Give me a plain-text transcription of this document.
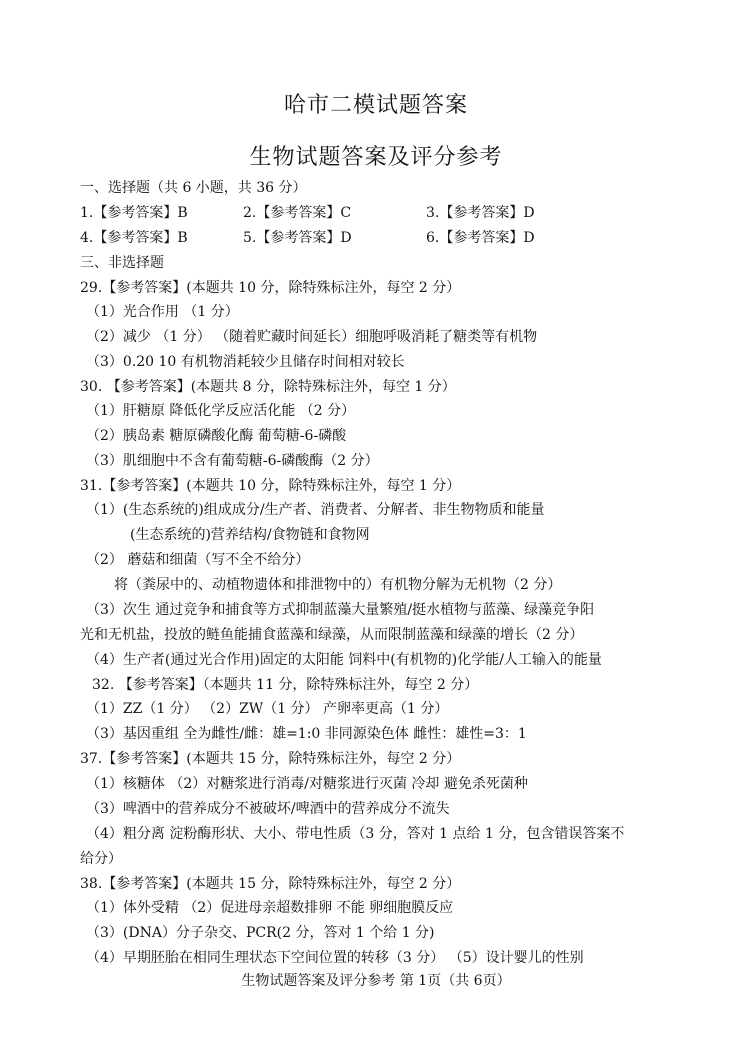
哈市二模试题答案
生物试题答案及评分参考
一、选择题（共 6 小题，共 36 分）
1.【参考答案】B	2.【参考答案】C	3.【参考答案】D
4.【参考答案】B	5.【参考答案】D	6.【参考答案】D
三、非选择题
29.【参考答案】(本题共 10 分，除特殊标注外，每空 2 分）
（1）光合作用 （1 分）
（2）减少 （1 分） （随着贮藏时间延长）细胞呼吸消耗了糖类等有机物
（3）0.20 10 有机物消耗较少且储存时间相对较长
30. 【参考答案】(本题共 8 分，除特殊标注外，每空 1 分）
（1）肝糖原 降低化学反应活化能 （2 分）
（2）胰岛素 糖原磷酸化酶 葡萄糖-6-磷酸
（3）肌细胞中不含有葡萄糖-6-磷酸酶（2 分）
31.【参考答案】(本题共 10 分，除特殊标注外，每空 1 分）
（1）(生态系统的)组成成分/生产者、消费者、分解者、非生物物质和能量
(生态系统的)营养结构/食物链和食物网
（2） 蘑菇和细菌（写不全不给分）
将（粪尿中的、动植物遗体和排泄物中的）有机物分解为无机物（2 分）
（3）次生 通过竞争和捕食等方式抑制蓝藻大量繁殖/挺水植物与蓝藻、绿藻竞争阳
光和无机盐，投放的鲢鱼能捕食蓝藻和绿藻，从而限制蓝藻和绿藻的增长（2 分）
（4）生产者(通过光合作用)固定的太阳能 饲料中(有机物的)化学能/人工输入的能量
32. 【参考答案】（本题共 11 分，除特殊标注外，每空 2 分）
（1）ZZ（1 分） （2）ZW（1 分） 产卵率更高（1 分）
（3）基因重组 全为雌性/雌：雄=1:0 非同源染色体 雌性：雄性=3：1
37.【参考答案】(本题共 15 分，除特殊标注外，每空 2 分）
（1）核糖体 （2）对糖浆进行消毒/对糖浆进行灭菌 冷却 避免杀死菌种
（3）啤酒中的营养成分不被破坏/啤酒中的营养成分不流失
（4）粗分离 淀粉酶形状、大小、带电性质（3 分，答对 1 点给 1 分，包含错误答案不
给分）
38.【参考答案】(本题共 15 分，除特殊标注外，每空 2 分）
（1）体外受精 （2）促进母亲超数排卵 不能 卵细胞膜反应
（3）(DNA）分子杂交、PCR(2 分，答对 1 个给 1 分)
（4）早期胚胎在相同生理状态下空间位置的转移（3 分） （5）设计婴儿的性别
生物试题答案及评分参考 第 1页（共 6页）
